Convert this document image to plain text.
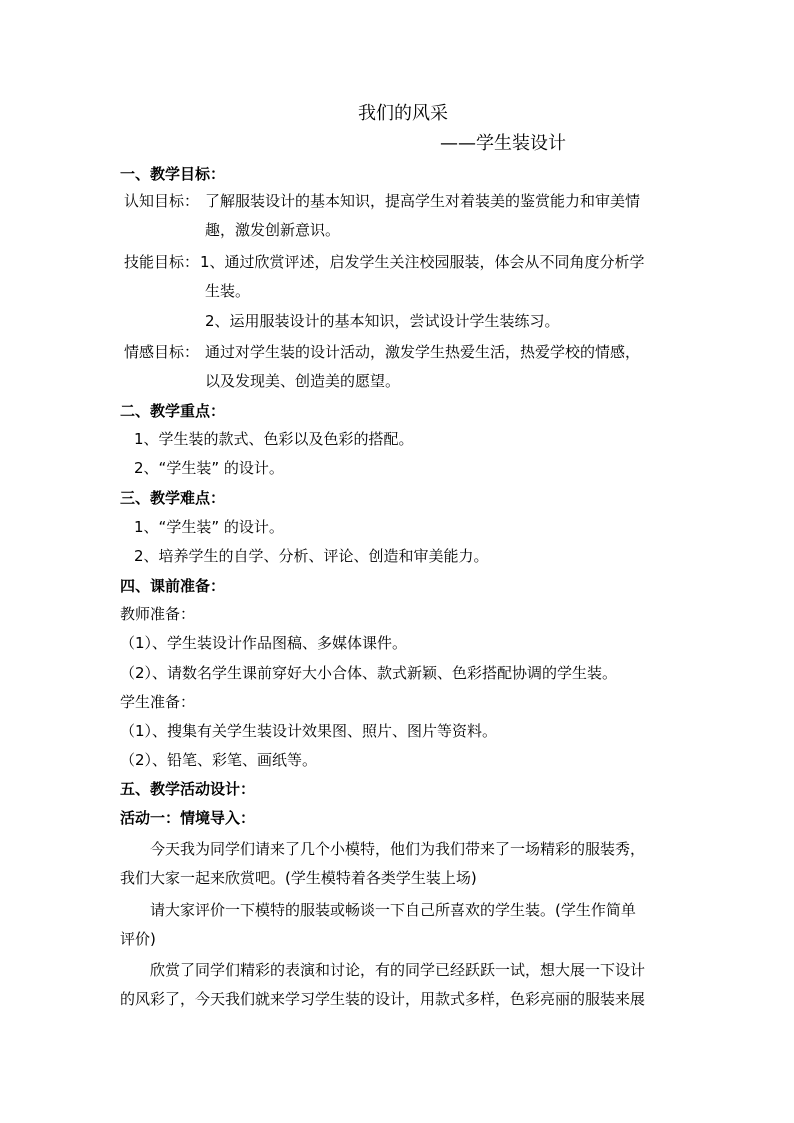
我们的风采
——学生装设计
一、教学目标：
认知目标： 了解服装设计的基本知识，提高学生对着装美的鉴赏能力和审美情
趣，激发创新意识。
技能目标： 1、通过欣赏评述，启发学生关注校园服装，体会从不同角度分析学
生装。
2、运用服装设计的基本知识，尝试设计学生装练习。
情感目标： 通过对学生装的设计活动，激发学生热爱生活，热爱学校的情感，
以及发现美、创造美的愿望。
二、教学重点：
1、学生装的款式、色彩以及色彩的搭配。
2、“学生装” 的设计。
三、教学难点：
1、“学生装” 的设计。
2、培养学生的自学、分析、评论、创造和审美能力。
四、课前准备：
教师准备：
（1）、学生装设计作品图稿、多媒体课件。
（2）、请数名学生课前穿好大小合体、款式新颖、色彩搭配协调的学生装。
学生准备：
（1）、搜集有关学生装设计效果图、照片、图片等资料。
（2）、铅笔、彩笔、画纸等。
五、教学活动设计：
活动一：情境导入：
今天我为同学们请来了几个小模特，他们为我们带来了一场精彩的服装秀，
我们大家一起来欣赏吧。(学生模特着各类学生装上场)
请大家评价一下模特的服装或畅谈一下自己所喜欢的学生装。(学生作简单
评价)
欣赏了同学们精彩的表演和讨论，有的同学已经跃跃一试，想大展一下设计
的风彩了，今天我们就来学习学生装的设计，用款式多样，色彩亮丽的服装来展
